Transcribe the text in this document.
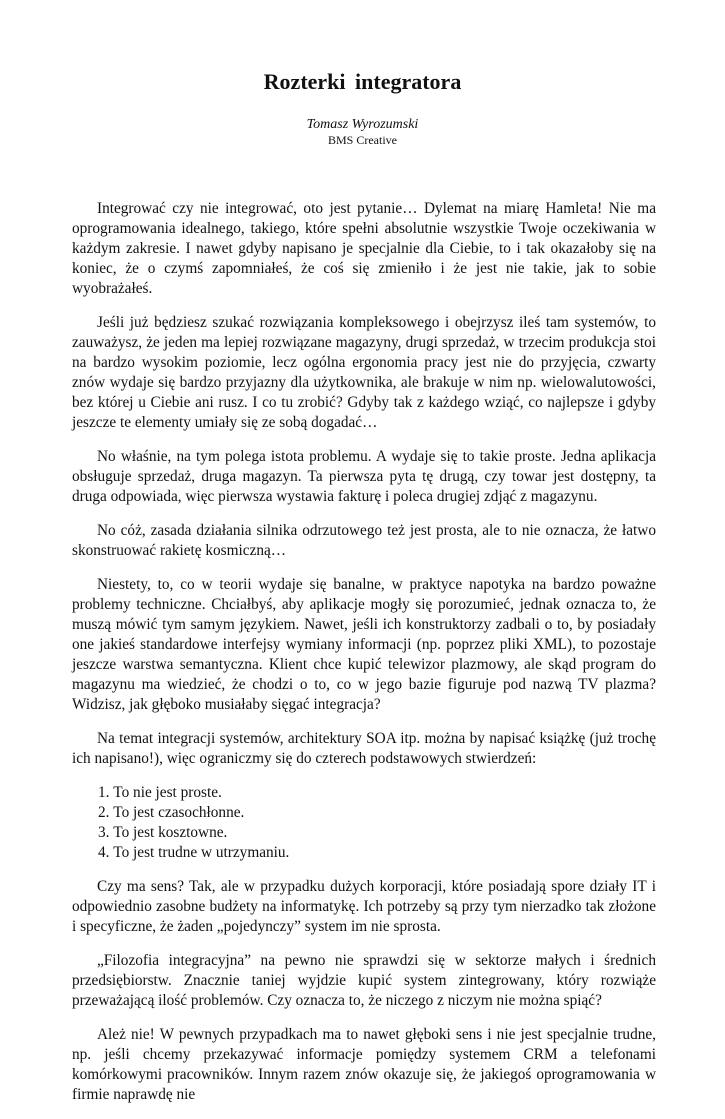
Rozterki integratora
Tomasz Wyrozumski
BMS Creative

Integrować czy nie integrować, oto jest pytanie… Dylemat na miarę Hamleta! Nie ma oprogramowania idealnego, takiego, które spełni absolutnie wszystkie Twoje oczekiwania w każdym zakresie. I nawet gdyby napisano je specjalnie dla Ciebie, to i tak okazałoby się na koniec, że o czymś zapomniałeś, że coś się zmieniło i że jest nie takie, jak to sobie wyobrażałeś.

Jeśli już będziesz szukać rozwiązania kompleksowego i obejrzysz ileś tam systemów, to zauważysz, że jeden ma lepiej rozwiązane magazyny, drugi sprzedaż, w trzecim produkcja stoi na bardzo wysokim poziomie, lecz ogólna ergonomia pracy jest nie do przyjęcia, czwarty znów wydaje się bardzo przyjazny dla użytkownika, ale brakuje w nim np. wielowalutowości, bez której u Ciebie ani rusz. I co tu zrobić? Gdyby tak z każdego wziąć, co najlepsze i gdyby jeszcze te elementy umiały się ze sobą dogadać…

No właśnie, na tym polega istota problemu. A wydaje się to takie proste. Jedna aplikacja obsługuje sprzedaż, druga magazyn. Ta pierwsza pyta tę drugą, czy towar jest dostępny, ta druga odpowiada, więc pierwsza wystawia fakturę i poleca drugiej zdjąć z magazynu.

No cóż, zasada działania silnika odrzutowego też jest prosta, ale to nie oznacza, że łatwo skonstruować rakietę kosmiczną…

Niestety, to, co w teorii wydaje się banalne, w praktyce napotyka na bardzo poważne problemy techniczne. Chciałbyś, aby aplikacje mogły się porozumieć, jednak oznacza to, że muszą mówić tym samym językiem. Nawet, jeśli ich konstruktorzy zadbali o to, by posiadały one jakieś standardowe interfejsy wymiany informacji (np. poprzez pliki XML), to pozostaje jeszcze warstwa semantyczna. Klient chce kupić telewizor plazmowy, ale skąd program do magazynu ma wiedzieć, że chodzi o to, co w jego bazie figuruje pod nazwą TV plazma? Widzisz, jak głęboko musiałaby sięgać integracja?

Na temat integracji systemów, architektury SOA itp. można by napisać książkę (już trochę ich napisano!), więc ograniczmy się do czterech podstawowych stwierdzeń:

1. To nie jest proste.
2. To jest czasochłonne.
3. To jest kosztowne.
4. To jest trudne w utrzymaniu.

Czy ma sens? Tak, ale w przypadku dużych korporacji, które posiadają spore działy IT i odpowiednio zasobne budżety na informatykę. Ich potrzeby są przy tym nierzadko tak złożone i specyficzne, że żaden „pojedynczy” system im nie sprosta.

„Filozofia integracyjna” na pewno nie sprawdzi się w sektorze małych i średnich przedsiębiorstw. Znacznie taniej wyjdzie kupić system zintegrowany, który rozwiąże przeważającą ilość problemów. Czy oznacza to, że niczego z niczym nie można spiąć?

Ależ nie! W pewnych przypadkach ma to nawet głęboki sens i nie jest specjalnie trudne, np. jeśli chcemy przekazywać informacje pomiędzy systemem CRM a telefonami komórkowymi pracowników. Innym razem znów okazuje się, że jakiegoś oprogramowania w firmie naprawdę nie
